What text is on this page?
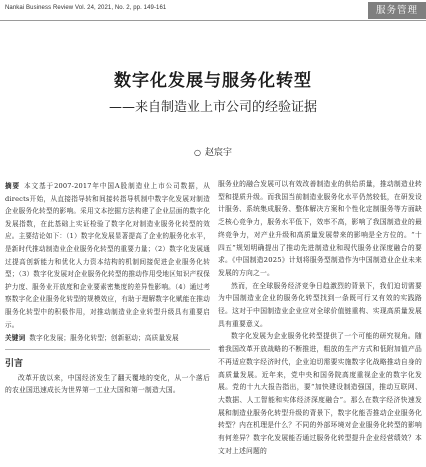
Nankai Business Review Vol. 24, 2021, No. 2, pp. 149-161	服务管理
数字化发展与服务化转型
——来自制造业上市公司的经验证据
○ 赵宸宇

摘要 本文基于2007-2017年中国A股制造业上市公司数据，从directs开始，从直接指导转和间接转指导机制中数字化发展对制造企业服务化转型的影响。采用文本挖掘方法构建了企业层面的数字化发展指数，在此基础上实证检验了数字化对制造业服务化转型的效应。主要结论如下：（1）数字化发展显著提高了企业的服务化水平，是新时代推动制造业企业服务化转型的重要力量；（2）数字化发展通过提高创新能力和优化人力资本结构的机制间接促进企业服务化转型；（3）数字化发展对企业服务化转型的推动作用受地区知识产权保护力度、服务业开放度和企业要素密集度的差异性影响。（4）通过考察数字化企业服务化转型的规模效应，有助于理解数字化赋能在推动服务化转型中的积极作用，对推动制造业企业转型升级具有重要启示。

关键词 数字化发展；服务化转型；创新驱动；高质量发展

引言

改革开放以来，中国经济发生了翻天覆地的变化，从一个落后的农业国迅速成长为世界第一工业大国和第一制造大国。

服务业的融合发展可以有效改善制造业的供给质量，推动制造业转型和提质升级。而我国当前制造业服务化水平仍然较低，在研发设计服务、系统集成服务、整体解决方案和个性化定制服务等方面缺乏核心竞争力，服务水平低下，效率不高，影响了我国制造业的最终竞争力，对产业升级和高质量发展带来的影响是全方位的。“十四五”规划明确提出了推动先进制造业和现代服务业深度融合的要求。《中国制造2025》计划将服务型制造作为中国制造业企业未来发展的方向之一。

然而，在全球服务经济竞争日趋激烈的背景下，我们迫切需要为中国制造业企业的服务化转型找到一条既可行又有效的实践路径。这对于中国制造业企业应对全球价值链重构、实现高质量发展具有重要意义。

数字化发展为企业服务化转型提供了一个可能的研究视角。随着我国改革开放战略的不断推进，粗放的生产方式和低附加值产品不再适应数字经济时代，企业迫切需要实施数字化战略推动自身的高质量发展。近年来，党中央和国务院高度重视企业的数字化发展。党的十九大报告指出，要“加快建设制造强国，推动互联网、大数据、人工智能和实体经济深度融合”。那么在数字经济快速发展和制造业服务化转型升级的背景下，数字化能否推动企业服务化转型？内在机理是什么？不同的外部环境对企业服务化转型的影响有何差异？数字化发展能否通过服务化转型提升企业经营绩效？本文对上述问题的
